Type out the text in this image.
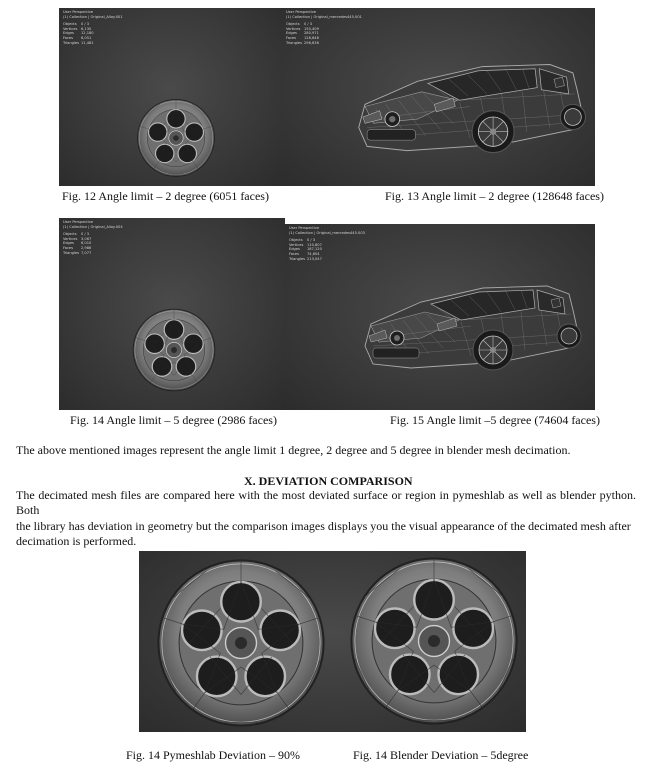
User Perspective
(1) Collection | Original_Alloy.001
Objects 0 / 3
Vertices 6,130
Edges 12,180
Faces 6,051
Triangles 11,481
User Perspective
(1) Collection | Original_mercedes445.001
Objects 0 / 3
Vertices 150,409
Edges 280,971
Faces 128,648
Triangles 296,636
Fig. 12 Angle limit – 2 degree (6051 faces)	Fig. 13 Angle limit – 2 degree (128648 faces)
User Perspective
(1) Collection | Original_Alloy.004
Objects 0 / 3
Vertices 3,067
Edges 6,010
Faces 2,986
Triangles 7,077
User Perspective
(1) Collection | Original_mercedes445.003
Objects 0 / 3
Vertices 110,807
Edges 187,120
Faces 74,604
Triangles 213,047
Fig. 14 Angle limit – 5 degree (2986 faces)	Fig. 15 Angle limit –5 degree (74604 faces)
The above mentioned images represent the angle limit 1 degree, 2 degree and 5 degree in blender mesh decimation.
X. DEVIATION COMPARISON
The decimated mesh files are compared here with the most deviated surface or region in pymeshlab as well as blender python. Both
the library has deviation in geometry but the comparison images displays you the visual appearance of the decimated mesh after
decimation is performed.
Fig. 14 Pymeshlab Deviation – 90%	Fig. 14 Blender Deviation – 5degree
